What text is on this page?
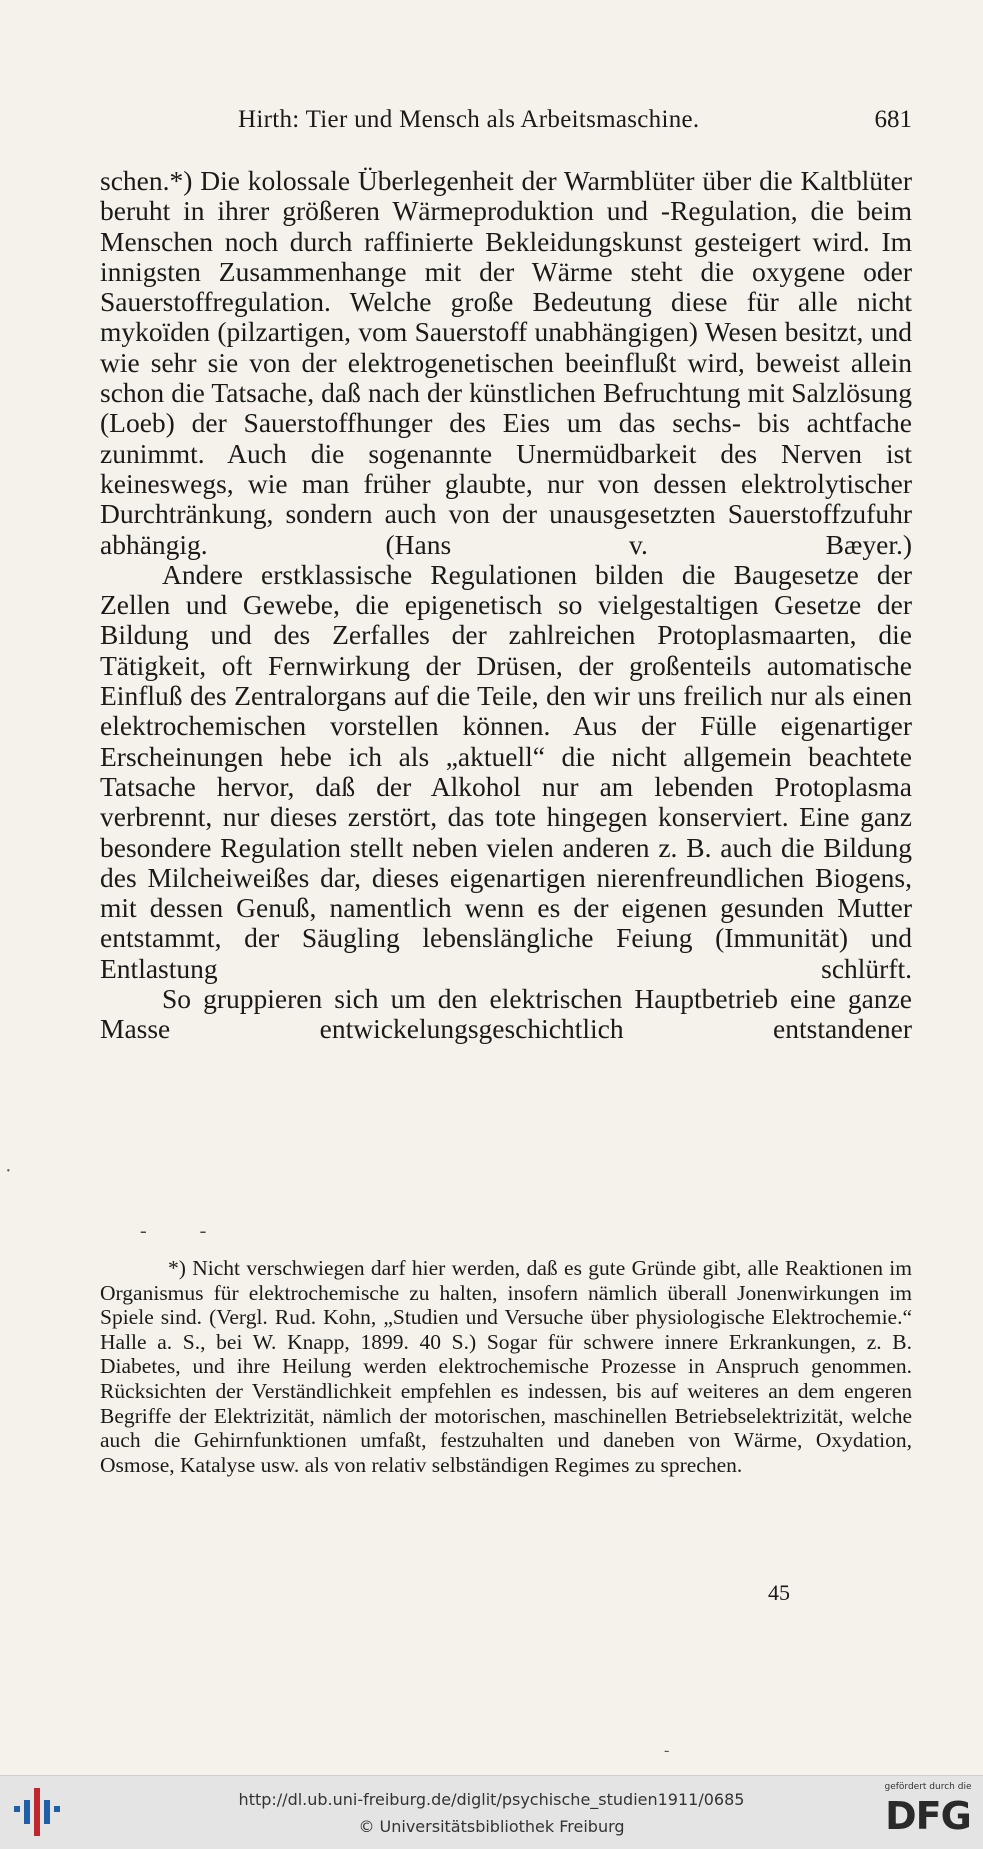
Hirth: Tier und Mensch als Arbeitsmaschine.	681

schen.*) Die kolossale Überlegenheit der Warmblüter über die Kaltblüter beruht in ihrer größeren Wärmeproduktion und -Regulation, die beim Menschen noch durch raffinierte Bekleidungskunst gesteigert wird. Im innigsten Zusammenhange mit der Wärme steht die oxygene oder Sauerstoffregulation. Welche große Bedeutung diese für alle nicht mykoïden (pilzartigen, vom Sauerstoff unabhängigen) Wesen besitzt, und wie sehr sie von der elektrogenetischen beeinflußt wird, beweist allein schon die Tatsache, daß nach der künstlichen Befruchtung mit Salzlösung (Loeb) der Sauerstoffhunger des Eies um das sechs- bis achtfache zunimmt. Auch die sogenannte Unermüdbarkeit des Nerven ist keineswegs, wie man früher glaubte, nur von dessen elektrolytischer Durchtränkung, sondern auch von der unausgesetzten Sauerstoffzufuhr abhängig. (Hans v. Bæyer.)

Andere erstklassische Regulationen bilden die Baugesetze der Zellen und Gewebe, die epigenetisch so vielgestaltigen Gesetze der Bildung und des Zerfalles der zahlreichen Protoplasmaarten, die Tätigkeit, oft Fernwirkung der Drüsen, der großenteils automatische Einfluß des Zentralorgans auf die Teile, den wir uns freilich nur als einen elektrochemischen vorstellen können. Aus der Fülle eigenartiger Erscheinungen hebe ich als „aktuell“ die nicht allgemein beachtete Tatsache hervor, daß der Alkohol nur am lebenden Protoplasma verbrennt, nur dieses zerstört, das tote hingegen konserviert. Eine ganz besondere Regulation stellt neben vielen anderen z. B. auch die Bildung des Milcheiweißes dar, dieses eigenartigen nierenfreundlichen Biogens, mit dessen Genuß, namentlich wenn es der eigenen gesunden Mutter entstammt, der Säugling lebenslängliche Feiung (Immunität) und Entlastung schlürft.

So gruppieren sich um den elektrischen Hauptbetrieb eine ganze Masse entwickelungsgeschichtlich entstandener

- -

*) Nicht verschwiegen darf hier werden, daß es gute Gründe gibt, alle Reaktionen im Organismus für elektrochemische zu halten, insofern nämlich überall Jonenwirkungen im Spiele sind. (Vergl. Rud. Kohn, „Studien und Versuche über physiologische Elektrochemie.“ Halle a. S., bei W. Knapp, 1899. 40 S.) Sogar für schwere innere Erkrankungen, z. B. Diabetes, und ihre Heilung werden elektrochemische Prozesse in Anspruch genommen. Rücksichten der Verständlichkeit empfehlen es indessen, bis auf weiteres an dem engeren Begriffe der Elektrizität, nämlich der motorischen, maschinellen Betriebselektrizität, welche auch die Gehirnfunktionen umfaßt, festzuhalten und daneben von Wärme, Oxydation, Osmose, Katalyse usw. als von relativ selbständigen Regimes zu sprechen.

45
·
-
http://dl.ub.uni-freiburg.de/diglit/psychische_studien1911/0685
© Universitätsbibliothek Freiburg
gefördert durch die
DFG
